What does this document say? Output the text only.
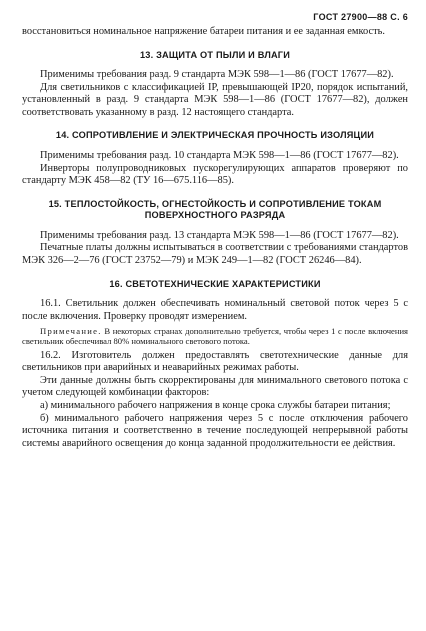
ГОСТ 27900—88 С. 6

восстановиться номинальное напряжение батареи питания и ее заданная емкость.

13. ЗАЩИТА ОТ ПЫЛИ И ВЛАГИ

Применимы требования разд. 9 стандарта МЭК 598—1—86 (ГОСТ 17677—82).

Для светильников с классификацией IP, превышающей IP20, порядок испытаний, установленный в разд. 9 стандарта МЭК 598—1—86 (ГОСТ 17677—82), должен соответствовать указанному в разд. 12 настоящего стандарта.

14. СОПРОТИВЛЕНИЕ И ЭЛЕКТРИЧЕСКАЯ ПРОЧНОСТЬ ИЗОЛЯЦИИ

Применимы требования разд. 10 стандарта МЭК 598—1—86 (ГОСТ 17677—82).

Инверторы полупроводниковых пускорегулирующих аппаратов проверяют по стандарту МЭК 458—82 (ТУ 16—675.116—85).

15. ТЕПЛОСТОЙКОСТЬ, ОГНЕСТОЙКОСТЬ И СОПРОТИВЛЕНИЕ ТОКАМ
ПОВЕРХНОСТНОГО РАЗРЯДА

Применимы требования разд. 13 стандарта МЭК 598—1—86 (ГОСТ 17677—82).

Печатные платы должны испытываться в соответствии с требованиями стандартов МЭК 326—2—76 (ГОСТ 23752—79) и МЭК 249—1—82 (ГОСТ 26246—84).

16. СВЕТОТЕХНИЧЕСКИЕ ХАРАКТЕРИСТИКИ

16.1. Светильник должен обеспечивать номинальный световой поток через 5 с после включения. Проверку проводят измерением.

Примечание. В некоторых странах дополнительно требуется, чтобы через 1 с после включения светильник обеспечивал 80% номинального светового потока.

16.2. Изготовитель должен предоставлять светотехнические данные для светильников при аварийных и неаварийных режимах работы.

Эти данные должны быть скорректированы для минимального светового потока с учетом следующей комбинации факторов:

а) минимального рабочего напряжения в конце срока службы батареи питания;

б) минимального рабочего напряжения через 5 с после отключения рабочего источника питания и соответственно в течение последующей непрерывной работы системы аварийного освещения до конца заданной продолжительности ее действия.
